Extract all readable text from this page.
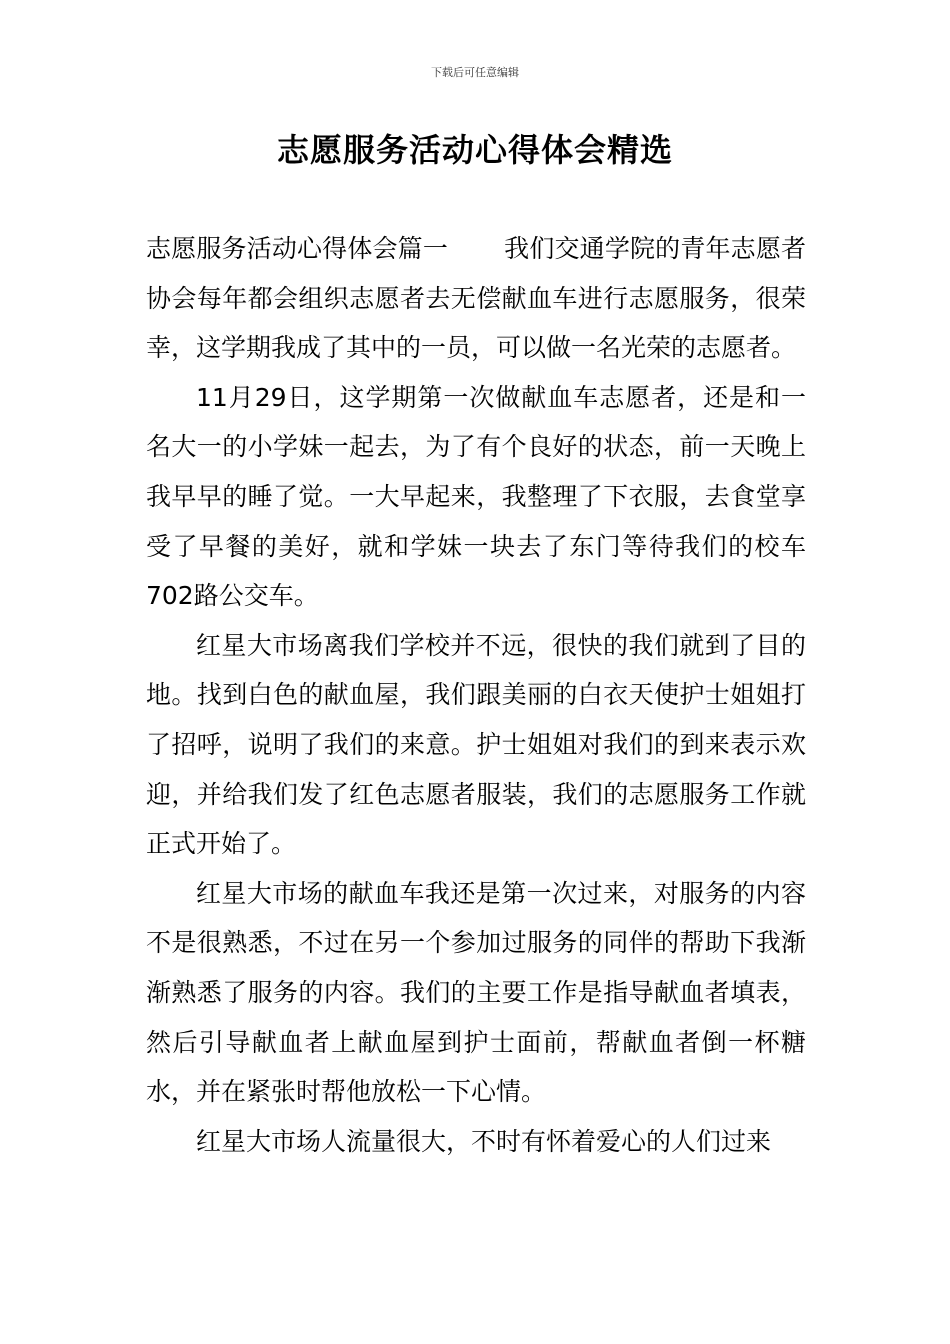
下载后可任意编辑
志愿服务活动心得体会精选

志愿服务活动心得体会篇一 我们交通学院的青年志愿者协会每年都会组织志愿者去无偿献血车进行志愿服务，很荣幸，这学期我成了其中的一员，可以做一名光荣的志愿者。

11月29日，这学期第一次做献血车志愿者，还是和一名大一的小学妹一起去，为了有个良好的状态，前一天晚上我早早的睡了觉。一大早起来，我整理了下衣服，去食堂享受了早餐的美好，就和学妹一块去了东门等待我们的校车702路公交车。

红星大市场离我们学校并不远，很快的我们就到了目的地。找到白色的献血屋，我们跟美丽的白衣天使护士姐姐打了招呼，说明了我们的来意。护士姐姐对我们的到来表示欢迎，并给我们发了红色志愿者服装，我们的志愿服务工作就正式开始了。

红星大市场的献血车我还是第一次过来，对服务的内容不是很熟悉，不过在另一个参加过服务的同伴的帮助下我渐渐熟悉了服务的内容。我们的主要工作是指导献血者填表，然后引导献血者上献血屋到护士面前，帮献血者倒一杯糖水，并在紧张时帮他放松一下心情。

红星大市场人流量很大，不时有怀着爱心的人们过来
